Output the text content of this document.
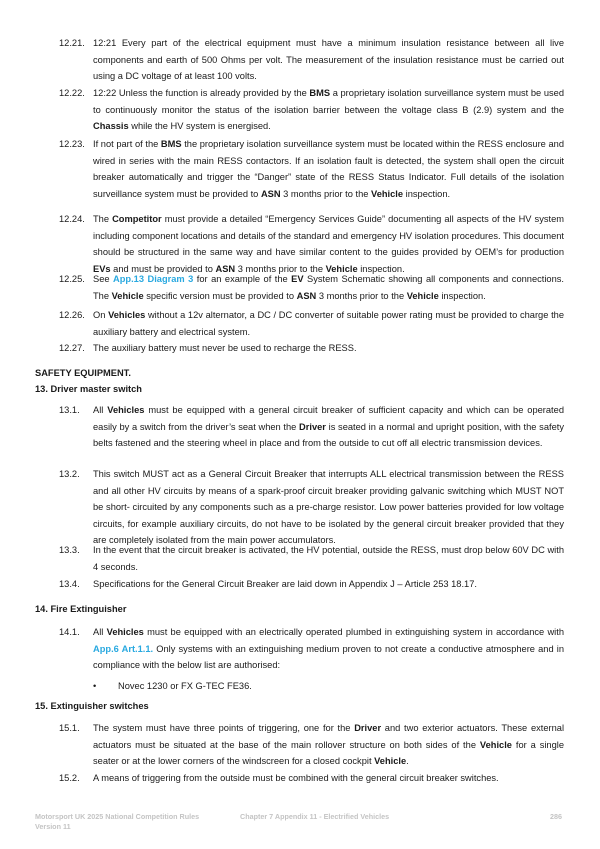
12.21. 12:21 Every part of the electrical equipment must have a minimum insulation resistance between all live components and earth of 500 Ohms per volt. The measurement of the insulation resistance must be carried out using a DC voltage of at least 100 volts.
12.22. 12:22 Unless the function is already provided by the BMS a proprietary isolation surveillance system must be used to continuously monitor the status of the isolation barrier between the voltage class B (2.9) system and the Chassis while the HV system is energised.
12.23. If not part of the BMS the proprietary isolation surveillance system must be located within the RESS enclosure and wired in series with the main RESS contactors. If an isolation fault is detected, the system shall open the circuit breaker automatically and trigger the “Danger” state of the RESS Status Indicator. Full details of the isolation surveillance system must be provided to ASN 3 months prior to the Vehicle inspection.
12.24. The Competitor must provide a detailed “Emergency Services Guide” documenting all aspects of the HV system including component locations and details of the standard and emergency HV isolation procedures. This document should be structured in the same way and have similar content to the guides provided by OEM’s for production EVs and must be provided to ASN 3 months prior to the Vehicle inspection.
12.25. See App.13 Diagram 3 for an example of the EV System Schematic showing all components and connections. The Vehicle specific version must be provided to ASN 3 months prior to the Vehicle inspection.
12.26. On Vehicles without a 12v alternator, a DC / DC converter of suitable power rating must be provided to charge the auxiliary battery and electrical system.
12.27. The auxiliary battery must never be used to recharge the RESS.
SAFETY EQUIPMENT.
13. Driver master switch
13.1. All Vehicles must be equipped with a general circuit breaker of sufficient capacity and which can be operated easily by a switch from the driver’s seat when the Driver is seated in a normal and upright position, with the safety belts fastened and the steering wheel in place and from the outside to cut off all electric transmission devices.
13.2. This switch MUST act as a General Circuit Breaker that interrupts ALL electrical transmission between the RESS and all other HV circuits by means of a spark-proof circuit breaker providing galvanic switching which MUST NOT be short- circuited by any components such as a pre-charge resistor. Low power batteries provided for low voltage circuits, for example auxiliary circuits, do not have to be isolated by the general circuit breaker provided that they are completely isolated from the main power accumulators.
13.3. In the event that the circuit breaker is activated, the HV potential, outside the RESS, must drop below 60V DC with 4 seconds.
13.4. Specifications for the General Circuit Breaker are laid down in Appendix J – Article 253 18.17.
14. Fire Extinguisher
14.1. All Vehicles must be equipped with an electrically operated plumbed in extinguishing system in accordance with App.6 Art.1.1. Only systems with an extinguishing medium proven to not create a conductive atmosphere and in compliance with the below list are authorised:
• Novec 1230 or FX G-TEC FE36.
15. Extinguisher switches
15.1. The system must have three points of triggering, one for the Driver and two exterior actuators. These external actuators must be situated at the base of the main rollover structure on both sides of the Vehicle for a single seater or at the lower corners of the windscreen for a closed cockpit Vehicle.
15.2. A means of triggering from the outside must be combined with the general circuit breaker switches.
Motorsport UK 2025 National Competition Rules
Version 11
Chapter 7 Appendix 11 - Electrified Vehicles	286
